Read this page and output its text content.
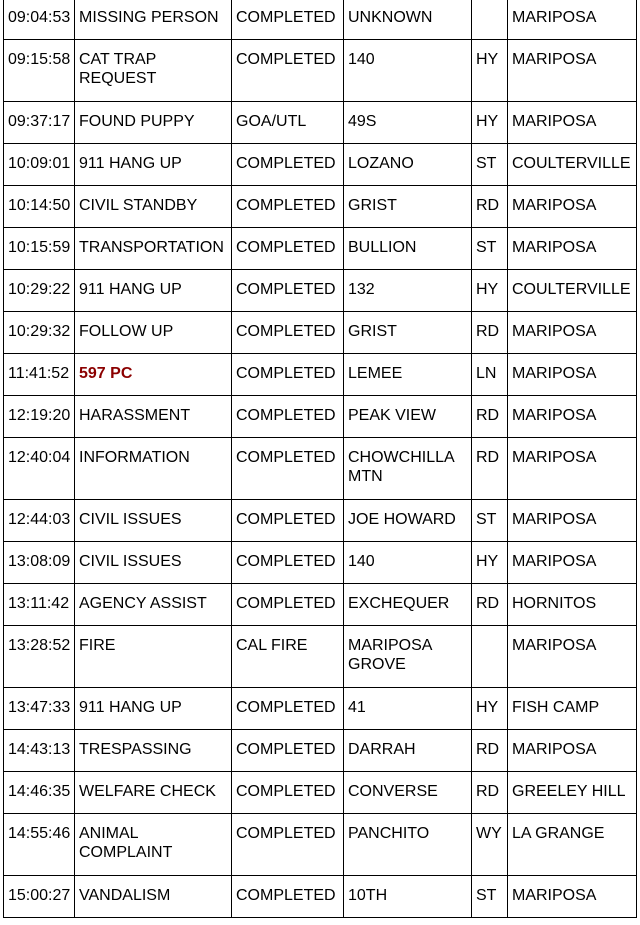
09:04:53	MISSING PERSON	COMPLETED	UNKNOWN		MARIPOSA
09:15:58	CAT TRAP REQUEST	COMPLETED	140	HY	MARIPOSA
09:37:17	FOUND PUPPY	GOA/UTL	49S	HY	MARIPOSA
10:09:01	911 HANG UP	COMPLETED	LOZANO	ST	COULTERVILLE
10:14:50	CIVIL STANDBY	COMPLETED	GRIST	RD	MARIPOSA
10:15:59	TRANSPORTATION	COMPLETED	BULLION	ST	MARIPOSA
10:29:22	911 HANG UP	COMPLETED	132	HY	COULTERVILLE
10:29:32	FOLLOW UP	COMPLETED	GRIST	RD	MARIPOSA
11:41:52	597 PC	COMPLETED	LEMEE	LN	MARIPOSA
12:19:20	HARASSMENT	COMPLETED	PEAK VIEW	RD	MARIPOSA
12:40:04	INFORMATION	COMPLETED	CHOWCHILLA MTN	RD	MARIPOSA
12:44:03	CIVIL ISSUES	COMPLETED	JOE HOWARD	ST	MARIPOSA
13:08:09	CIVIL ISSUES	COMPLETED	140	HY	MARIPOSA
13:11:42	AGENCY ASSIST	COMPLETED	EXCHEQUER	RD	HORNITOS
13:28:52	FIRE	CAL FIRE	MARIPOSA GROVE		MARIPOSA
13:47:33	911 HANG UP	COMPLETED	41	HY	FISH CAMP
14:43:13	TRESPASSING	COMPLETED	DARRAH	RD	MARIPOSA
14:46:35	WELFARE CHECK	COMPLETED	CONVERSE	RD	GREELEY HILL
14:55:46	ANIMAL COMPLAINT	COMPLETED	PANCHITO	WY	LA GRANGE
15:00:27	VANDALISM	COMPLETED	10TH	ST	MARIPOSA
